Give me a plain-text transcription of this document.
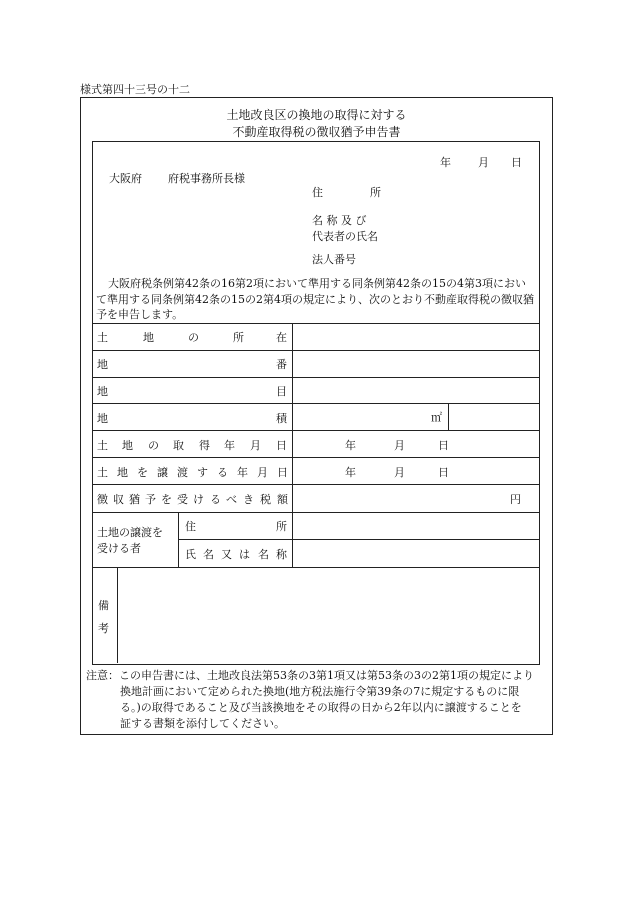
様式第四十三号の十二
土地改良区の換地の取得に対する
不動産取得税の徴収猶予申告書
年 月 日
大阪府 府税事務所長様
住	所
名 称 及 び
代表者の氏名
法人番号
大阪府税条例第42条の16第2項において準用する同条例第42条の15の4第3項において準用する同条例第42条の15の2第4項の規定により、次のとおり不動産取得税の徴収猶予を申告します。
土	地	の	所	在
地	番
地	目
地	積	㎡
土 地 の 取 得 年 月 日	年	月	日
土 地 を 譲 渡 す る 年 月 日	年	月	日
徴 収 猶 予 を 受 け る べ き 税 額	円
土地の譲渡を
受ける者
住	所
氏 名 又 は 名 称
備
考
注意：この申告書には、土地改良法第53条の3第1項又は第53条の3の2第1項の規定により
換地計画において定められた換地(地方税法施行令第39条の7に規定するものに限
る。)の取得であること及び当該換地をその取得の日から2年以内に譲渡することを
証する書類を添付してください。
